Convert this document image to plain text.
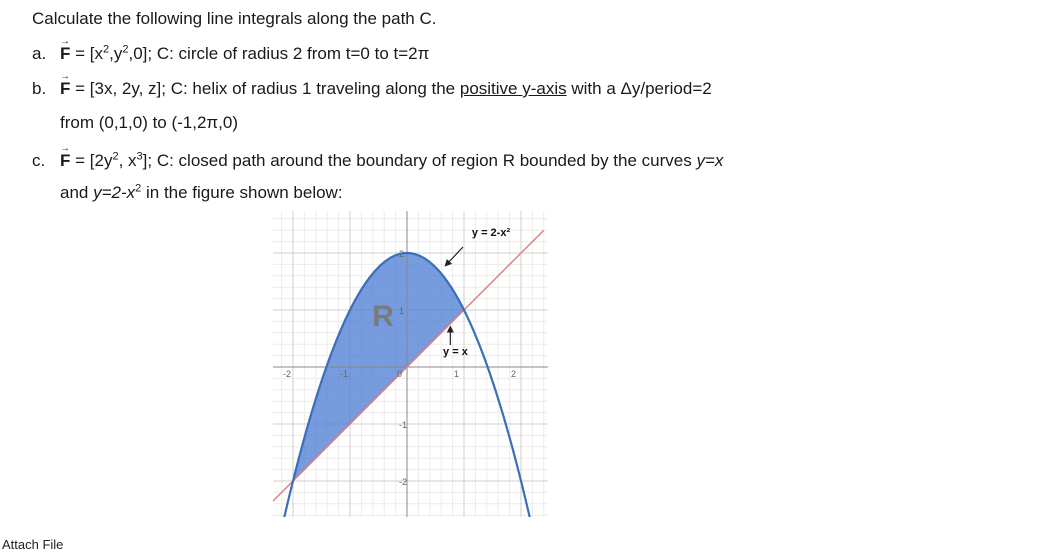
Calculate the following line integrals along the path C.

a. → $F = [x^2,y^2,0]$; C: circle of radius 2 from t=0 to t=2π
b. → F = [3x, 2y, z]; C: helix of radius 1 traveling along the positive y-axis with a Δy/period=2
from (0,1,0) to (-1,2π,0)
c. → $F = [2y^2$, $x^3$]; C: closed path around the boundary of region R bounded by the curves y=x
and $y=2-x^2$ in the figure shown below:
-2	-1	0	1	2
2
1
-1
-2
R
y = 2-x²
y = x
Attach File
